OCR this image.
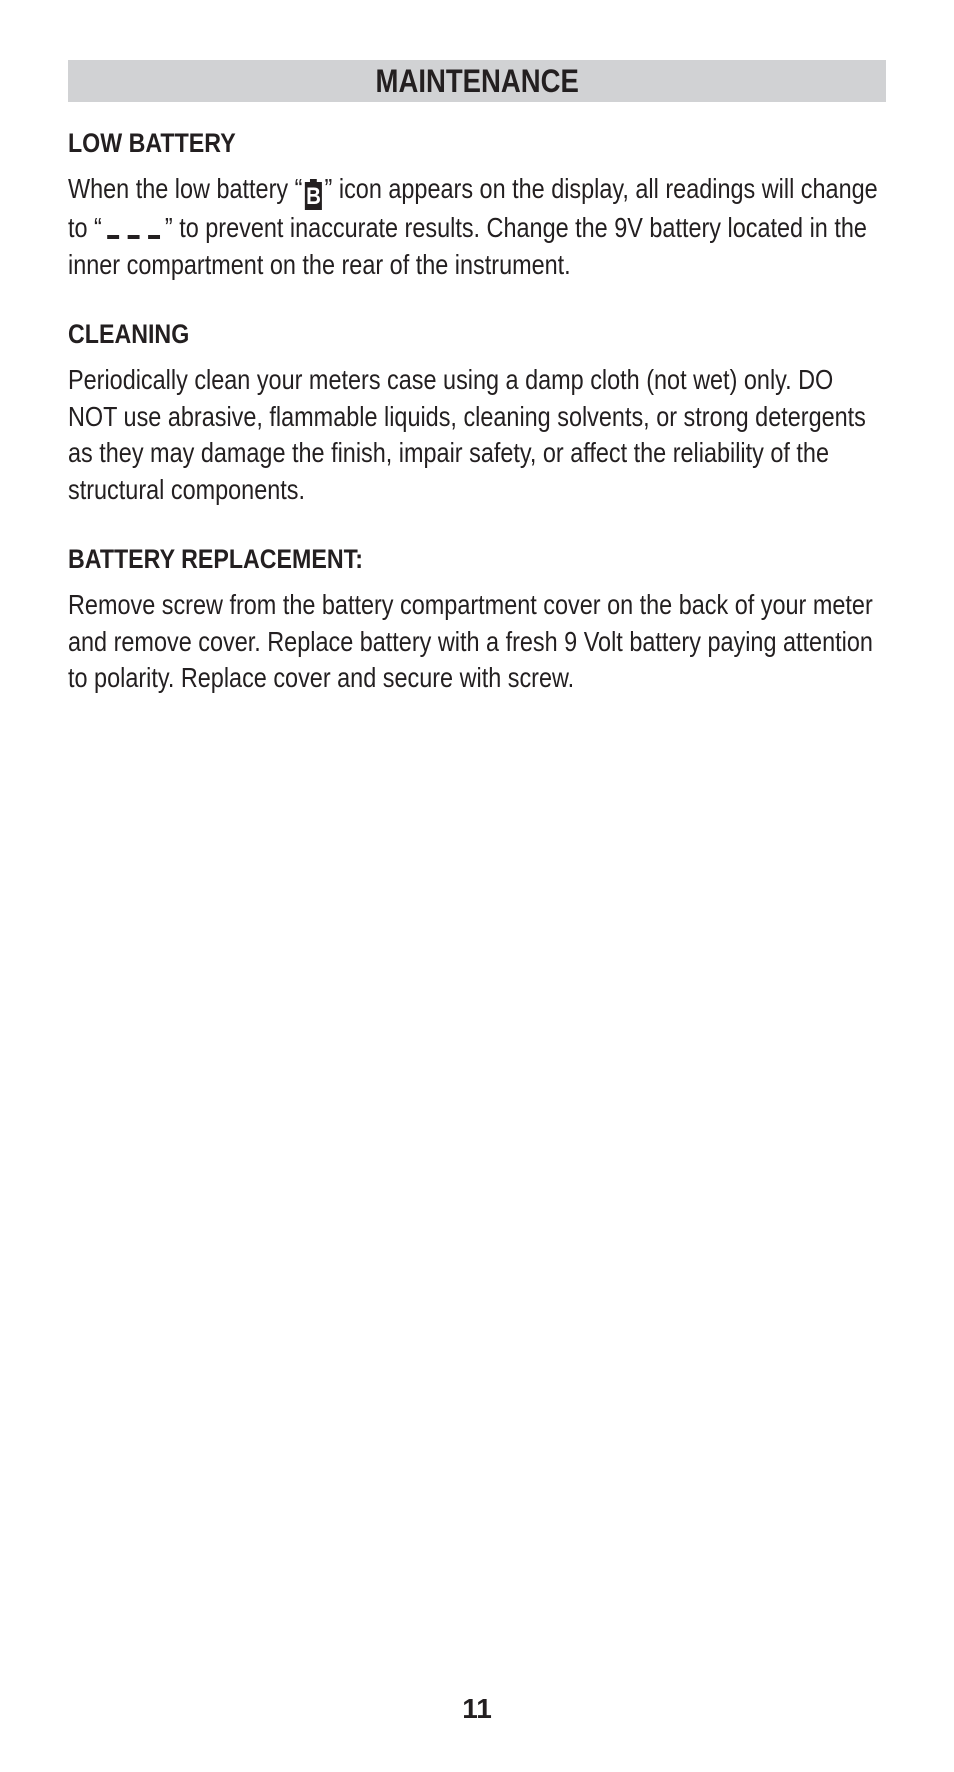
MAINTENANCE
LOW BATTERY

When the low battery “ B ” icon appears on the display, all readings will change to “ ” to prevent inaccurate results. Change the 9V battery located in the inner compartment on the rear of the instrument.

CLEANING

Periodically clean your meters case using a damp cloth (not wet) only. DO NOT use abrasive, flammable liquids, cleaning solvents, or strong detergents as they may damage the finish, impair safety, or affect the reliability of the structural components.

BATTERY REPLACEMENT:

Remove screw from the battery compartment cover on the back of your meter and remove cover. Replace battery with a fresh 9 Volt battery paying attention to polarity. Replace cover and secure with screw.

11
